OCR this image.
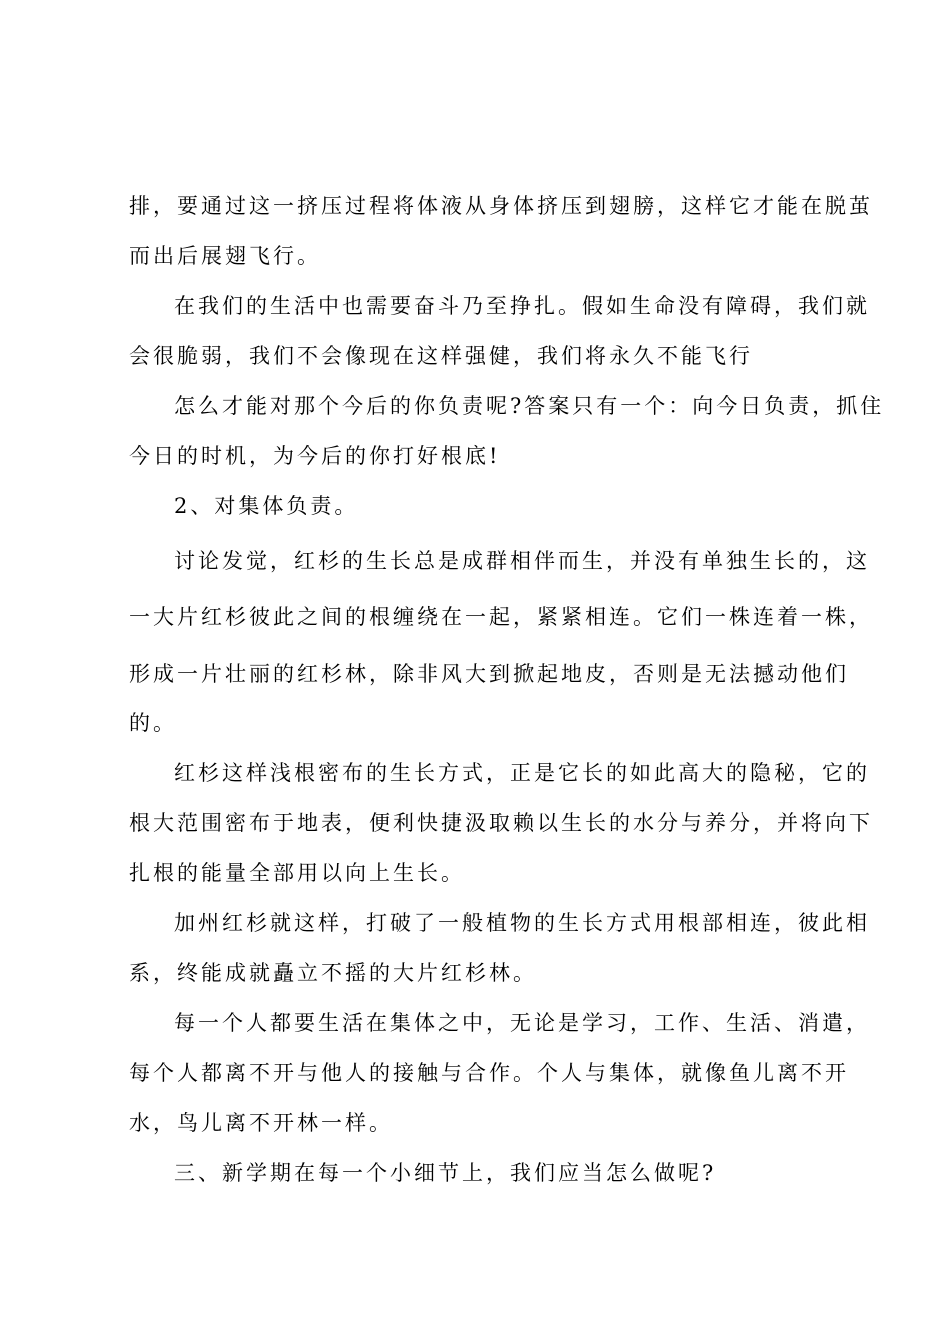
排，要通过这一挤压过程将体液从身体挤压到翅膀，这样它才能在脱茧
而出后展翅飞行。
在我们的生活中也需要奋斗乃至挣扎。假如生命没有障碍，我们就
会很脆弱，我们不会像现在这样强健，我们将永久不能飞行
怎么才能对那个今后的你负责呢?答案只有一个：向今日负责，抓住
今日的时机，为今后的你打好根底!
2、对集体负责。
讨论发觉，红杉的生长总是成群相伴而生，并没有单独生长的，这
一大片红杉彼此之间的根缠绕在一起，紧紧相连。它们一株连着一株，
形成一片壮丽的红杉林，除非风大到掀起地皮，否则是无法撼动他们
的。
红杉这样浅根密布的生长方式，正是它长的如此高大的隐秘，它的
根大范围密布于地表，便利快捷汲取赖以生长的水分与养分，并将向下
扎根的能量全部用以向上生长。
加州红杉就这样，打破了一般植物的生长方式用根部相连，彼此相
系，终能成就矗立不摇的大片红杉林。
每一个人都要生活在集体之中，无论是学习，工作、生活、消遣，
每个人都离不开与他人的接触与合作。个人与集体，就像鱼儿离不开
水，鸟儿离不开林一样。
三、新学期在每一个小细节上，我们应当怎么做呢?
